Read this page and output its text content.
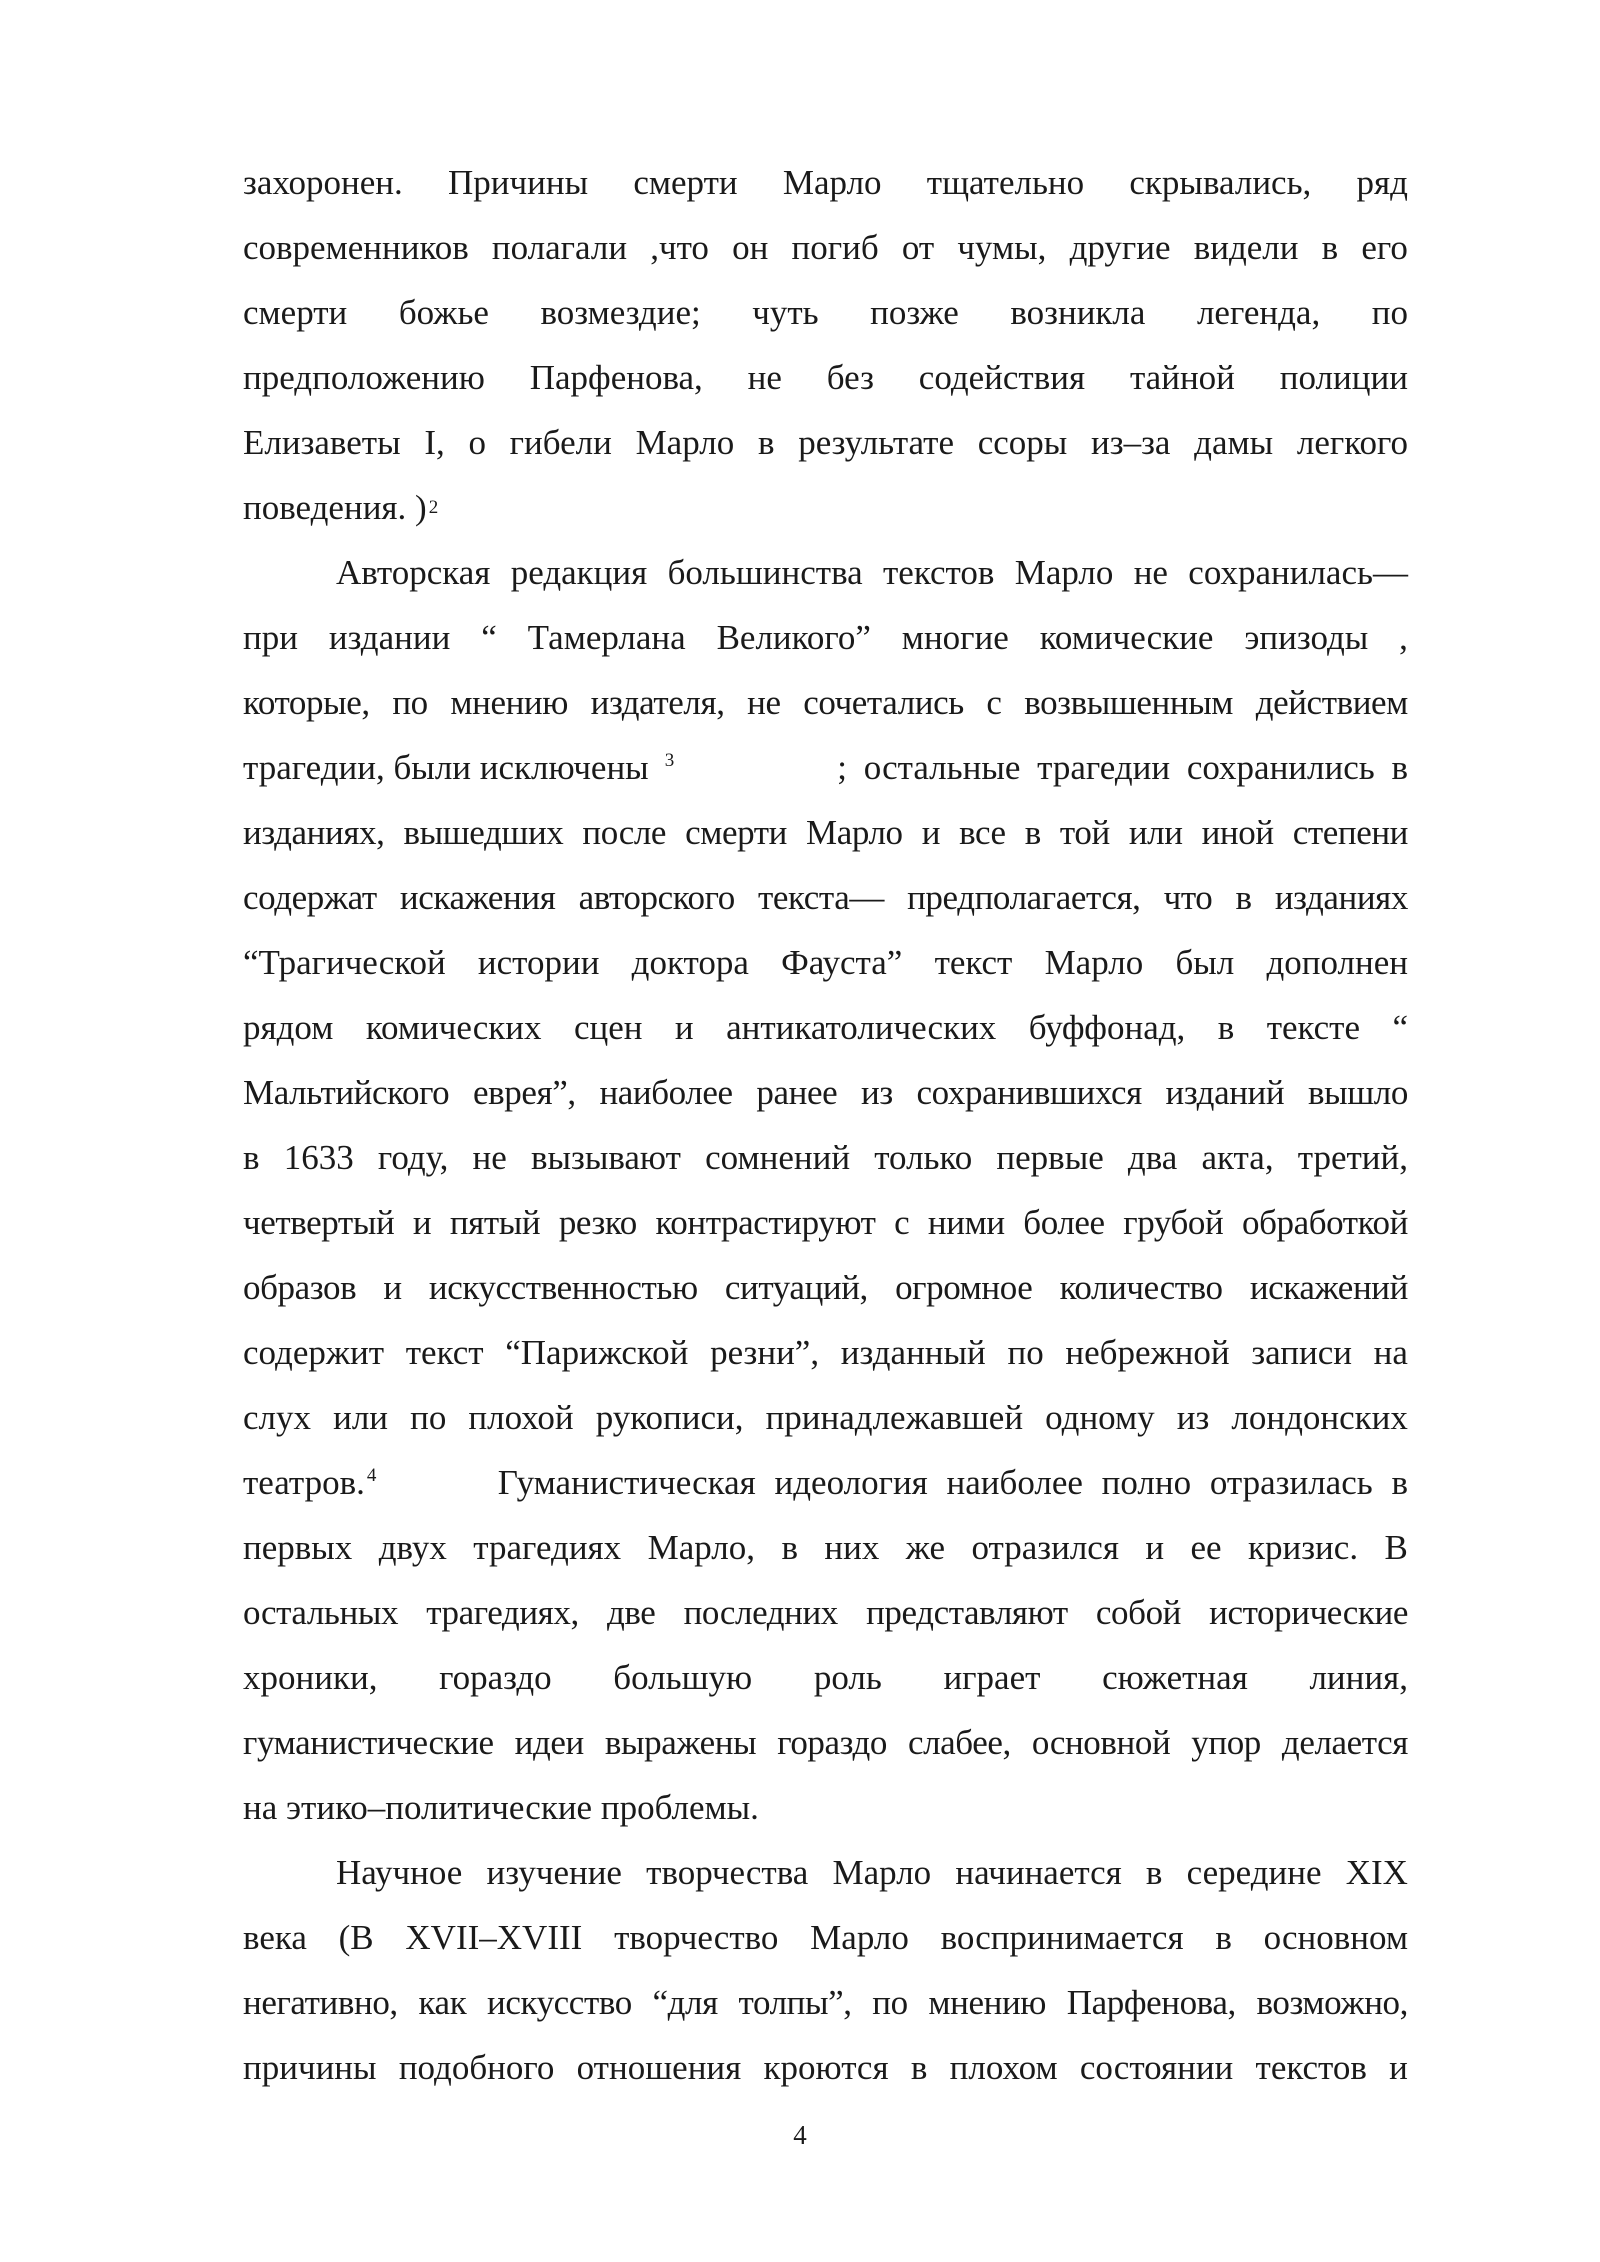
захоронен. Причины смерти Марло тщательно скрывались, ряд
современников полагали ,что он погиб от чумы, другие видели в его
смерти божье возмездие; чуть позже возникла легенда, по
предположению Парфенова, не без содействия тайной полиции
Елизаветы I, о гибели Марло в результате ссоры из–за дамы легкого
поведения. ) 2
Авторская редакция большинства текстов Марло не сохранилась—
при издании “ Тамерлана Великого” многие комические эпизоды ,
которые, по мнению издателя, не сочетались с возвышенным действием
трагедии, были исключены $^3$	; остальные трагедии сохранились в
изданиях, вышедших после смерти Марло и все в той или иной степени
содержат искажения авторского текста— предполагается, что в изданиях
“Трагической истории доктора Фауста” текст Марло был дополнен
рядом комических сцен и антикатолических буффонад, в тексте “
Мальтийского еврея”, наиболее ранее из сохранившихся изданий вышло
в 1633 году, не вызывают сомнений только первые два акта, третий,
четвертый и пятый резко контрастируют с ними более грубой обработкой
образов и искусственностью ситуаций, огромное количество искажений
содержит текст “Парижской резни”, изданный по небрежной записи на
слух или по плохой рукописи, принадлежавшей одному из лондонских
театров. $^4$	Гуманистическая идеология наиболее полно отразилась в
первых двух трагедиях Марло, в них же отразился и ее кризис. В
остальных трагедиях, две последних представляют собой исторические
хроники, гораздо большую роль играет сюжетная линия,
гуманистические идеи выражены гораздо слабее, основной упор делается
на этико–политические проблемы.
Научное изучение творчества Марло начинается в середине XIX
века (В XVII–XVIII творчество Марло воспринимается в основном
негативно, как искусство “для толпы”, по мнению Парфенова, возможно,
причины подобного отношения кроются в плохом состоянии текстов и
4
